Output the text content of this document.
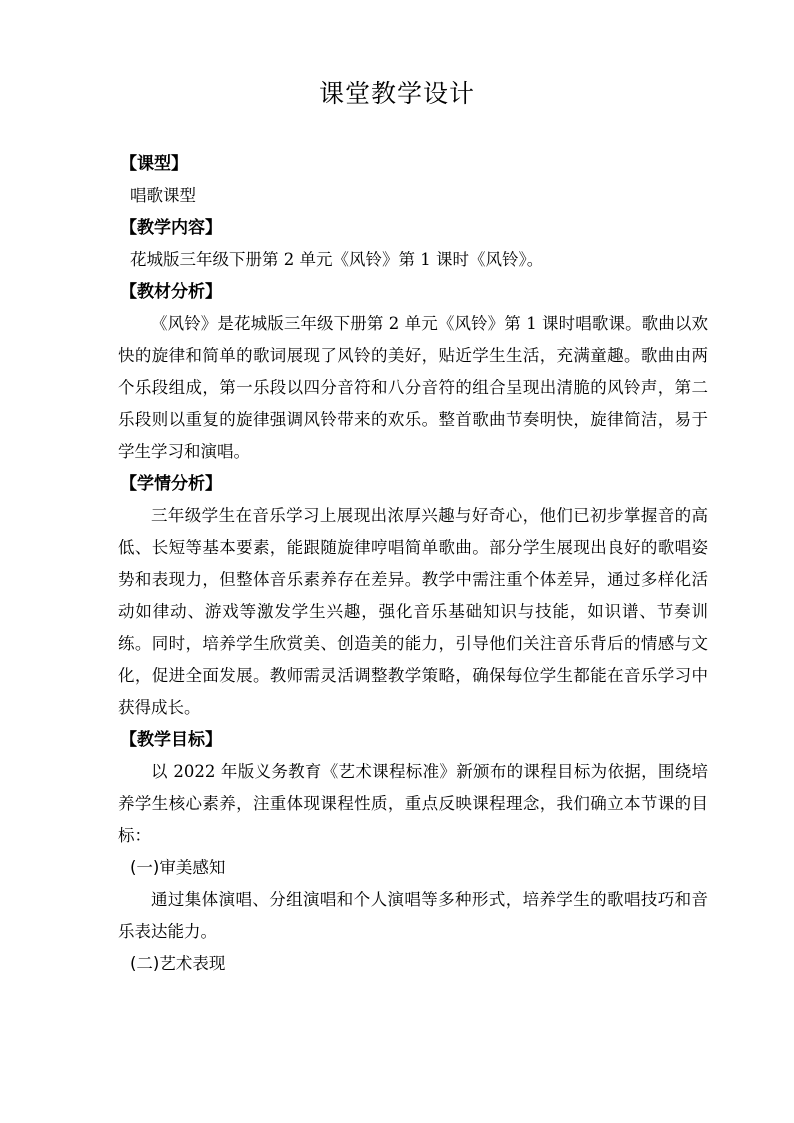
课堂教学设计
【课型】
唱歌课型
【教学内容】
花城版三年级下册第 2 单元《风铃》第 1 课时《风铃》。
【教材分析】

《风铃》是花城版三年级下册第 2 单元《风铃》第 1 课时唱歌课。歌曲以欢快的旋律和简单的歌词展现了风铃的美好，贴近学生生活，充满童趣。歌曲由两个乐段组成，第一乐段以四分音符和八分音符的组合呈现出清脆的风铃声，第二乐段则以重复的旋律强调风铃带来的欢乐。整首歌曲节奏明快，旋律简洁，易于学生学习和演唱。

【学情分析】

三年级学生在音乐学习上展现出浓厚兴趣与好奇心，他们已初步掌握音的高低、长短等基本要素，能跟随旋律哼唱简单歌曲。部分学生展现出良好的歌唱姿势和表现力，但整体音乐素养存在差异。教学中需注重个体差异，通过多样化活动如律动、游戏等激发学生兴趣，强化音乐基础知识与技能，如识谱、节奏训练。同时，培养学生欣赏美、创造美的能力，引导他们关注音乐背后的情感与文化，促进全面发展。教师需灵活调整教学策略，确保每位学生都能在音乐学习中获得成长。

【教学目标】

以 2022 年版义务教育《艺术课程标准》新颁布的课程目标为依据，围绕培养学生核心素养，注重体现课程性质，重点反映课程理念，我们确立本节课的目标：

(一)审美感知

通过集体演唱、分组演唱和个人演唱等多种形式，培养学生的歌唱技巧和音乐表达能力。

(二)艺术表现
